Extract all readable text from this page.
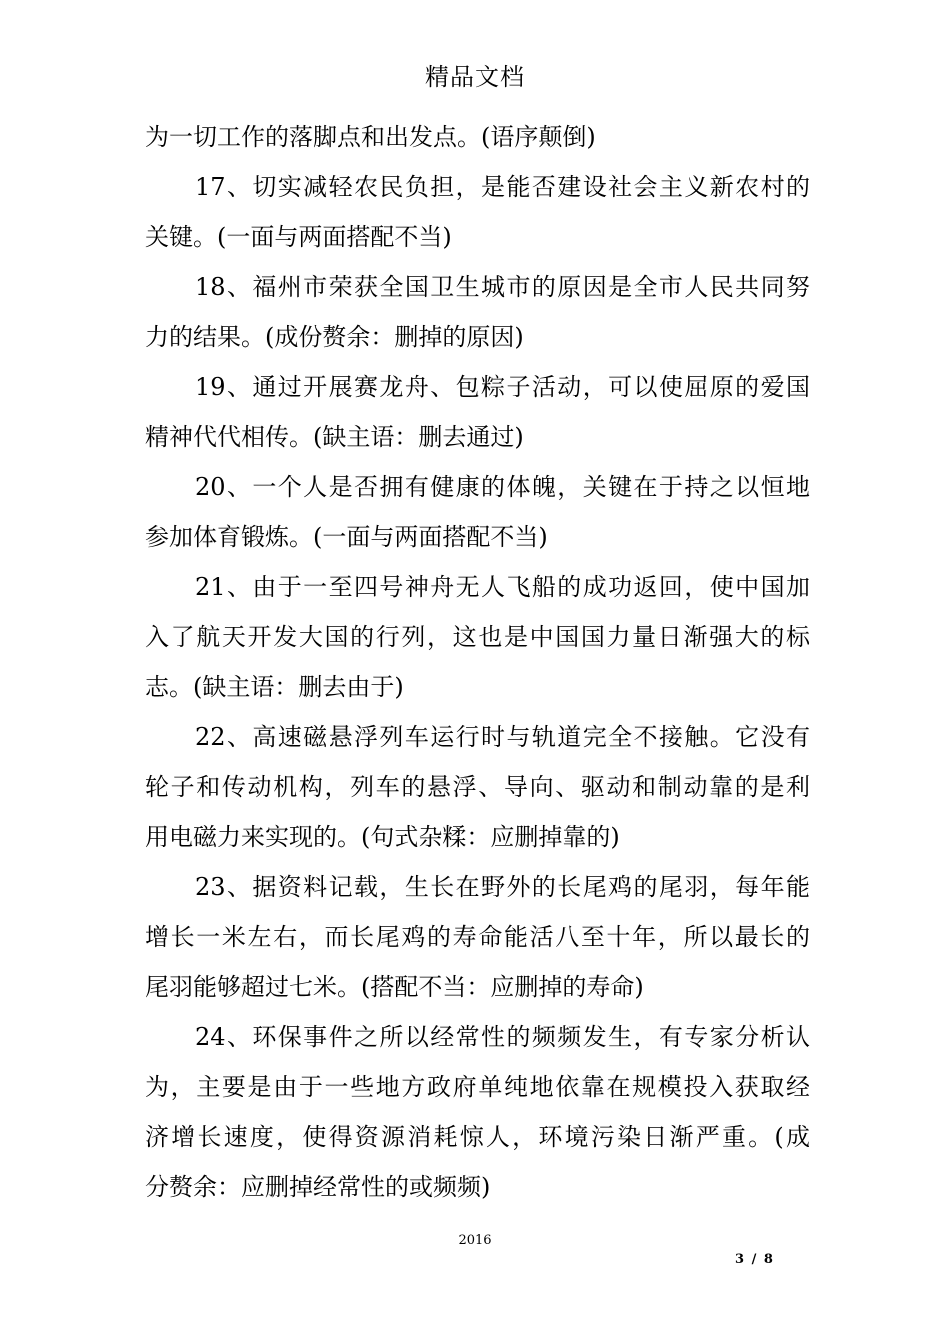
精品文档
为一切工作的落脚点和出发点。(语序颠倒)
17、切实减轻农民负担，是能否建设社会主义新农村的
关键。(一面与两面搭配不当)
18、福州市荣获全国卫生城市的原因是全市人民共同努
力的结果。(成份赘余：删掉的原因)
19、通过开展赛龙舟、包粽子活动，可以使屈原的爱国
精神代代相传。(缺主语：删去通过)
20、一个人是否拥有健康的体魄，关键在于持之以恒地
参加体育锻炼。(一面与两面搭配不当)
21、由于一至四号神舟无人飞船的成功返回，使中国加
入了航天开发大国的行列，这也是中国国力量日渐强大的标
志。(缺主语：删去由于)
22、高速磁悬浮列车运行时与轨道完全不接触。它没有
轮子和传动机构，列车的悬浮、导向、驱动和制动靠的是利
用电磁力来实现的。(句式杂糅：应删掉靠的)
23、据资料记载，生长在野外的长尾鸡的尾羽，每年能
增长一米左右，而长尾鸡的寿命能活八至十年，所以最长的
尾羽能够超过七米。(搭配不当：应删掉的寿命)
24、环保事件之所以经常性的频频发生，有专家分析认
为，主要是由于一些地方政府单纯地依靠在规模投入获取经
济增长速度，使得资源消耗惊人，环境污染日渐严重。(成
分赘余：应删掉经常性的或频频)
2016
3 / 8
